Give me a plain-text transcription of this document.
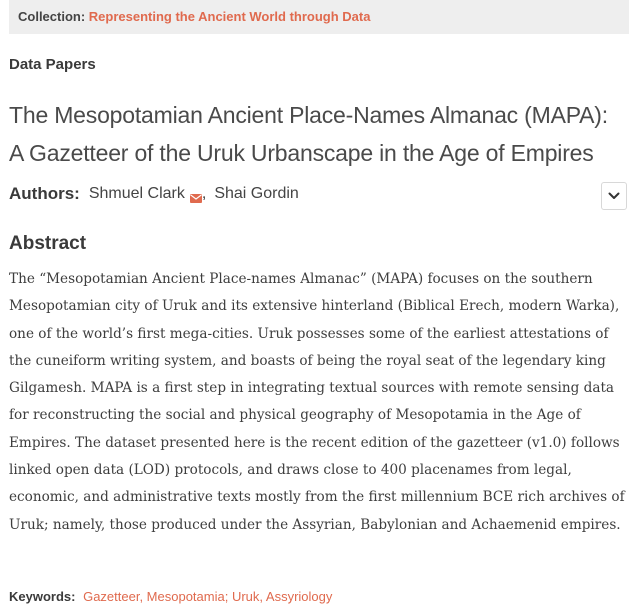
Collection: Representing the Ancient World through Data
Data Papers
The Mesopotamian Ancient Place-Names Almanac (MAPA): A Gazetteer of the Uruk Urbanscape in the Age of Empires
Authors: Shmuel Clark , Shai Gordin
Abstract

The “Mesopotamian Ancient Place-names Almanac” (MAPA) focuses on the southern Mesopotamian city of Uruk and its extensive hinterland (Biblical Erech, modern Warka), one of the world’s first mega-cities. Uruk possesses some of the earliest attestations of the cuneiform writing system, and boasts of being the royal seat of the legendary king Gilgamesh. MAPA is a first step in integrating textual sources with remote sensing data for reconstructing the social and physical geography of Mesopotamia in the Age of Empires. The dataset presented here is the recent edition of the gazetteer (v1.0) follows linked open data (LOD) protocols, and draws close to 400 placenames from legal, economic, and administrative texts mostly from the first millennium BCE rich archives of Uruk; namely, those produced under the Assyrian, Babylonian and Achaemenid empires.

Keywords: Gazetteer, Mesopotamia; Uruk, Assyriology
